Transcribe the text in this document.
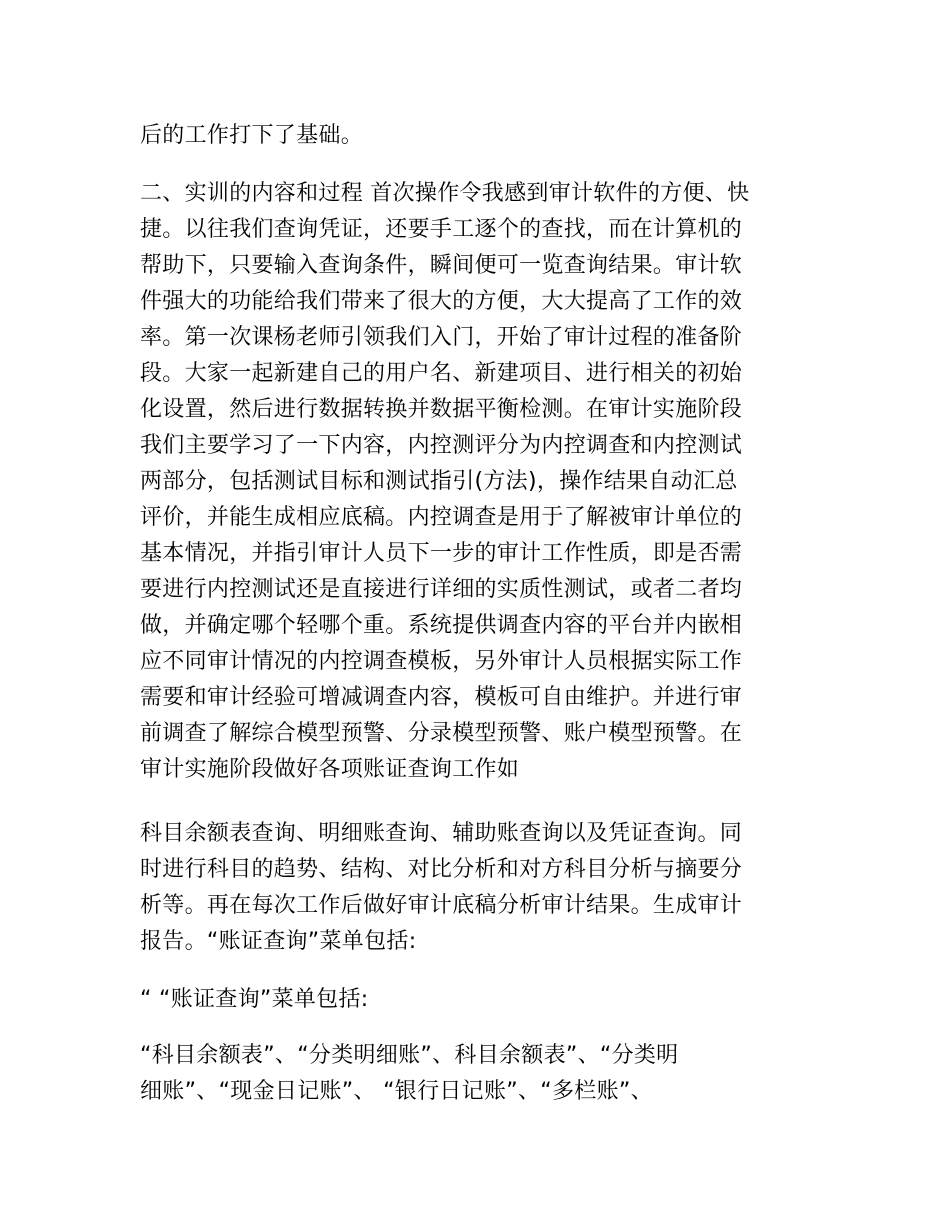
后的工作打下了基础。
二、实训的内容和过程 首次操作令我感到审计软件的方便、快
捷。以往我们查询凭证，还要手工逐个的查找，而在计算机的
帮助下，只要输入查询条件，瞬间便可一览查询结果。审计软
件强大的功能给我们带来了很大的方便，大大提高了工作的效
率。第一次课杨老师引领我们入门，开始了审计过程的准备阶
段。大家一起新建自己的用户名、新建项目、进行相关的初始
化设置，然后进行数据转换并数据平衡检测。在审计实施阶段
我们主要学习了一下内容，内控测评分为内控调查和内控测试
两部分，包括测试目标和测试指引(方法)，操作结果自动汇总
评价，并能生成相应底稿。内控调查是用于了解被审计单位的
基本情况，并指引审计人员下一步的审计工作性质，即是否需
要进行内控测试还是直接进行详细的实质性测试，或者二者均
做，并确定哪个轻哪个重。系统提供调查内容的平台并内嵌相
应不同审计情况的内控调查模板，另外审计人员根据实际工作
需要和审计经验可增减调查内容，模板可自由维护。并进行审
前调查了解综合模型预警、分录模型预警、账户模型预警。在
审计实施阶段做好各项账证查询工作如
科目余额表查询、明细账查询、辅助账查询以及凭证查询。同
时进行科目的趋势、结构、对比分析和对方科目分析与摘要分
析等。再在每次工作后做好审计底稿分析审计结果。生成审计
报告。“账证查询”菜单包括:
“ “账证查询”菜单包括:
“科目余额表”、“分类明细账”、科目余额表”、“分类明
细账”、“现金日记账”、 “银行日记账”、“多栏账”、
